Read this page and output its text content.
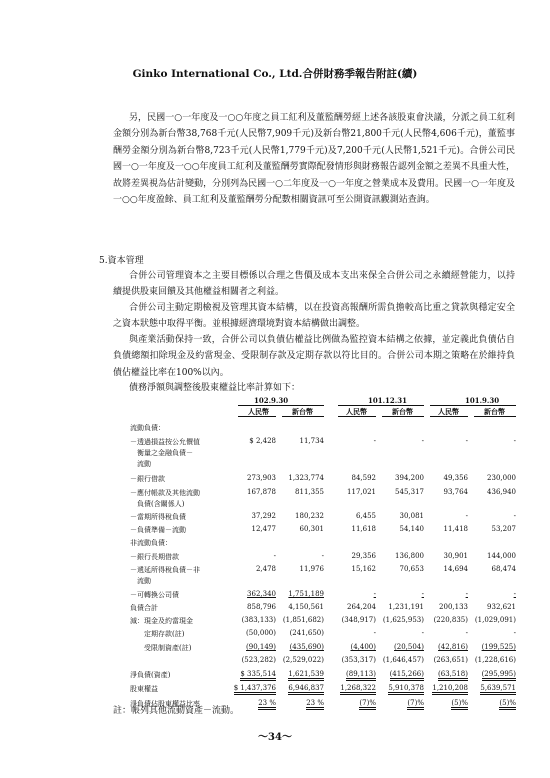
Ginko International Co., Ltd.合併財務季報告附註(續)
另，民國一○一年度及一○○年度之員工紅利及董監酬勞經上述各該股東會決議，分派之員工紅利金額分別為新台幣38,768千元(人民幣7,909千元)及新台幣21,800千元(人民幣4,606千元)，董監事酬勞金額分別為新台幣8,723千元(人民幣1,779千元)及7,200千元(人民幣1,521千元)。合併公司民國一○一年度及一○○年度員工紅利及董監酬勞實際配發情形與財務報告認列金額之差異不具重大性，故將差異視為估計變動，分別列為民國一○二年度及一○一年度之營業成本及費用。民國一○一年度及一○○年度盈餘、員工紅利及董監酬勞分配數相關資訊可至公開資訊觀測站查詢。
5.資本管理
合併公司管理資本之主要目標係以合理之售價及成本支出來保全合併公司之永續經營能力，以持續提供股東回饋及其他權益相關者之利益。
合併公司主動定期檢視及管理其資本結構，以在投資高報酬所需負擔較高比重之貸款與穩定安全之資本狀態中取得平衡。並根據經濟環境對資本結構做出調整。
與產業活動保持一致，合併公司以負債佔權益比例做為監控資本結構之依據，並定義此負債佔自負債總額扣除現金及約當現金、受限制存款及定期存款以符比目的。合併公司本期之策略在於維持負債佔權益比率在100%以內。
債務淨額與調整後股東權益比率計算如下：
102.9.30	101.12.31	101.9.30
人民幣	新台幣	人民幣	新台幣	人民幣	新台幣
流動負債：
－透過損益按公允價值	$ 2,428	11,734	-	-	-	-
　衡量之金融負債－
　流動
－銀行借款	273,903 1,323,774	84,592	394,200	49,356	230,000
－應付帳款及其他流動	167,878	811,355	117,021	545,317	93,764	436,940
　負債(含關係人)
－當期所得稅負債	37,292	180,232	6,455	30,081	-	-
－負債準備－流動	12,477	60,301	11,618	54,140	11,418	53,207
非流動負債：
－銀行長期借款	-	-	29,356	136,800	30,901	144,000
－遞延所得稅負債－非	2,478	11,976	15,162	70,653	14,694	68,474
　流動
－可轉換公司債	362,340 1,751,189	-	-	-	-
負債合計	858,796 4,150,561	264,204 1,231,191 200,133	932,621
減：現金及約當現金	(383,133) (1,851,682)	(348,917) (1,625,953) (220,835) (1,029,091)
　　定期存款(註)	(50,000) (241,650)	-	-	-	-
　　受限制資產(註)	(90,149) (435,690)	(4,400)	(20,504) (42,816) (199,525)
(523,282) (2,529,022)	(353,317) (1,646,457) (263,651) (1,228,616)
淨負債(資產)	$ 335,514 1,621,539	(89,113) (415,266) (63,518) (295,995)
股東權益	$ 1,437,376 6,946,837 1,268,322 5,910,378 1,210,208 5,639,571
淨負債佔股東權益比率	23 %	23 %	(7)%	(7)%	(5)%	(5)%
註：帳列其他流動資產－流動。
～34～
